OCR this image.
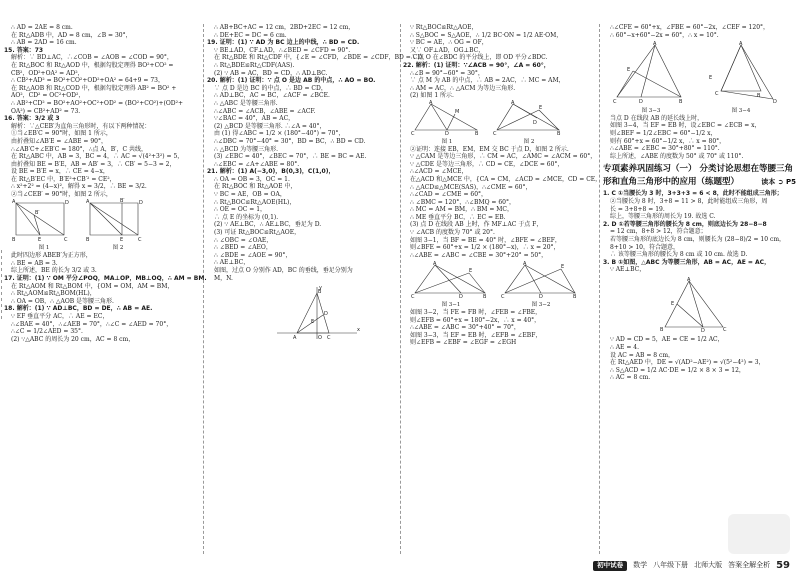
∴ AD = 2AE = 8 cm.
在 Rt△ADB 中，AD = 8 cm，∠B = 30°，
∴ AB = 2AD = 16 cm.
15. 答案：73
解析：∵ BD⊥AC，∴∠COB = ∠AOB = ∠COD = 90°，
在 Rt△BOC 和 Rt△AOD 中，根据勾股定理得 BO²+CO² =
CB²，OD²+OA² = AD²，
∴ CB²+AD² = BO²+CO²+OD²+OA² = 64+9 = 73，
在 Rt△AOB 和 Rt△COD 中，根据勾股定理得 AB² = BO² +
AO²，CD² = OC²+OD²，
∴ AB²+CD² = BO²+AO²+OC²+OD² = (BO²+CO²)+(OD²+
OA²) = CB²+AD² = 73.
16. 答案：3/2 或 3
解析：∵△CEB′为直角三角形时，有以下两种情况：
①当∠EB′C = 90°时，如图 1 所示，
由折叠知∠AB′E = ∠ABE = 90°，
∴∠AB′C+∠EB′C = 180°，∴点 A，B′，C 共线，
在 Rt△ABC 中，AB = 3，BC = 4，∴ AC = √(4²+3²) = 5，
由折叠知 BE = B′E，AB = AB′ = 3，∴ CB′ = 5−3 = 2，
设 BE = B′E = x，∴ CE = 4−x，
在 Rt△B′EC 中，B′E²+CB′² = CE²，
∴ x²+2² = (4−x)²，解得 x = 3/2，∴ BE = 3/2.
②当∠CEB′ = 90°时，如图 2 所示，
A
B	E	C
B′
D
图 1
A
B	E	C
B′	D
图 2
此时四边形 ABEB′为正方形，
∴ BE = AB = 3.
综上所述，BE 的长为 3/2 或 3.
17. 证明：(1) ∵ OM 平分∠POQ，MA⊥OP，MB⊥OQ，∴ AM = BM.
在 Rt△AOM 和 Rt△BOM 中，{OM = OM，AM = BM，
∴ Rt△AOM≌Rt△BOM(HL)，
∴ OA = OB，∴ △AOB 是等腰三角形.
18. 解析：(1) ∵ AD⊥BC，BD = DE，∴ AB = AE.
∵ EF 垂直平分 AC，∴ AE = EC，
∴∠BAE = 40°，∴∠AEB = 70°，∴∠C = ∠AED = 70°，
∴∠C = 1/2∠AED = 35°.
(2) ∵△ABC 的周长为 20 cm，AC = 8 cm，
∴ AB+BC+AC = 12 cm，2BD+2EC = 12 cm，
∴ DE+EC = DC = 6 cm.
19. 证明：(1) ∵ AD 为 BC 边上的中线，∴ BD = CD.
∵ BE⊥AD，CF⊥AD，∴∠BED = ∠CFD = 90°.
在 Rt△BDE 和 Rt△CDF 中，{∠E = ∠CFD，∠BDE = ∠CDF，BD = CD，
∴ Rt△BDE≌Rt△CDF(AAS).
(2) ∵ AB = AC，BD = CD，∴ AD⊥BC.
20. 解析：(1) 证明：∵ 点 O 是边 AB 的中点，∴ AO = BO.
∵ 点 D 是边 BC 的中点，∴ BD = CD，
∴ AD⊥BC，AC = BC，∠ACF = ∠BCE.
∴ △ABC 是等腰三角形.
∴∠ABC = ∠ACB，∠ABE = ∠ACF.
∵∠BAC = 40°，AB = AC，
(2) △BCD 是等腰三角形. ∴∠A = 40°，
由 (1) 得∠ABC = 1/2 × (180°−40°) = 70°，
∴∠DBC = 70°−40° = 30°，BD = BC，∴ BD = CD.
∴ △BCD 为等腰三角形.
(3) ∠EBC = 40°，∠BEC = 70°，∴ BE = BC = AE.
∴∠EBC = ∠A+∠ABE = 80°.
21. 解析：(1) A(−3,0)，B(0,3)，C(1,0)，
∴ OA = OB = 3，OC = 1.
在 Rt△BOC 和 Rt△AOE 中，
∵ BC = AE，OB = OA，
∴ Rt△BOC≌Rt△AOE(HL)，
∴ OE = OC = 1，
∴ 点 E 的坐标为 (0,1).
(2) ∵ AE⊥BC，∴ AE⊥BC，垂足为 D.
(3) 可证 Rt△BOC≌Rt△AOE，
∴ ∠OBC = ∠OAE，
∴ ∠BED = ∠AEO，
∴ ∠BDE = ∠AOE = 90°，
∴ AE⊥BC，
如图，过点 O 分别作 AD，BC 的垂线，垂足分别为
M，N.
A	O C
B
D
E
x
y
∵ Rt△BOC≌Rt△AOE，
∴ S△BOC = S△AOE，∴ 1/2 BC·ON = 1/2 AE·OM，
∵ BC = AE，∴ OG = OF，
又∵ OF⊥AD，OG⊥BC，
∴ 点 O 在∠BDC 的平分线上，即 OD 平分∠BDC.
22. 解析：(1) 证明：∵∠ACB = 90°，∠A = 60°，
∴∠B = 90°−60° = 30°，
∵ 点 M 为 AB 的中点，∴ AB = 2AC，∴ MC = AM，
∴ AM = AC，∴ △ACM 为等边三角形.
(2) 如图 1 所示.
C	B
A
D
M
图 1
C	B
A
E
D
图 2
②证明：连接 EB，EM，EM 交 BC 于点 D，如图 2 所示.
∵ △CAM 是等边三角形，∴ CM = AC，∠AMC = ∠ACM = 60°，
∵ △CDE 是等边三角形，∴ CD = CE，∠DCE = 60°，
∴∠ACD = ∠MCE，
在△ACD 和△MCE 中，{CA = CM，∠ACD = ∠MCE，CD = CE，
∴ △ACD≌△MCE(SAS)，∴∠CME = 60°，
∴∠CAD = ∠CME = 60°，
∴ ∠BMC = 120°，∴∠BMQ = 60°，
∴ MC = AM = BM，∴ BM = MC，
∴ ME 垂直平分 BC，∴ EC = EB.
(3) 点 D 在线段 AB 上时，作 MF⊥AC 于点 F，
∵ ∠ACB 的度数为 70° 或 20°.
如图 3−1，当 BF = BE = 40° 时，∠BFE = ∠BEF，
则∠BFE = 60°+x = 1/2 × (180°−x)，∴ x = 20°，
∴∠ABE = ∠ABC = ∠CBE = 30°+20° = 50°，
C	B
A
E
D
图 3−1
C	B
A	E
D
图 3−2
如图 3−2，当 FE = FB 时，∠FEB = ∠FBE，
则∠EFB = 60°+x = 180°−2x，∴ x = 40°，
∴∠ABE = ∠ABC = 30°+40° = 70°，
如图 3−3，当 EF = EB 时，∠EFB = ∠EBF，
则∠EFB = ∠EBF = ∠EGF = ∠EGH
∴∠CFE = 60°+x，∠FBE = 60°−2x，∠CEF = 120°，
∴ 60°−x+60°−2x = 60°，∴ x = 10°.
C	B
A
E
D
图 3−3
C	B
A
D
E
图 3−4
当点 D 在线段 AB 的延长线上时，
如图 3−4，当 EF = EB 时，设∠EBC = ∠ECB = x，
则∠BEF = 1/2∠EBC = 60°−1/2 x，
则有 60°+x = 60°−1/2 x，∴ x = 80°，
∴∠ABE = ∠EBC = 30°+80° = 110°.
综上所述，∠ABE 的度数为 50° 或 70° 或 110°.
专项素养巩固练习（一） 分类讨论思想在等腰三角
形和直角三角形中的应用（练题型）	读本 ➲ P5
1. C ①当腰长为 3 时，3+3+3 = 6 < 8，此时不能组成三角形；
②当腰长为 8 时，3+8 = 11 > 8，此时能组成三角形，周
长 = 3+8+8 = 19.
综上，等腰三角形的周长为 19. 故选 C.
2. D ①若等腰三角形的腰长为 8 cm，则底边长为 28−8−8
= 12 cm，8+8 > 12，符合题意；
若等腰三角形的底边长为 8 cm，则腰长为 (28−8)/2 = 10 cm，
8+10 > 10，符合题意，
∴ 该等腰三角形的腰长为 8 cm 或 10 cm. 故选 D.
3. B ①如图，△ABC 为等腰三角形，AB = AC，AE = AC，
∵ AE⊥BC，
B	C
A
E
D
∵ AD = CD = 5，AE = CE = 1/2 AC，
∴ AE = 4.
设 AC = AB = 8 cm，
在 Rt△AED 中，DE = √(AD²−AE²) = √(5²−4²) = 3，
∴ S△ACD = 1/2 AC·DE = 1/2 × 8 × 3 = 12，
∴ AC = 8 cm.
初中试卷	数学 八年级下册 北师大版 答案全解全析 59
